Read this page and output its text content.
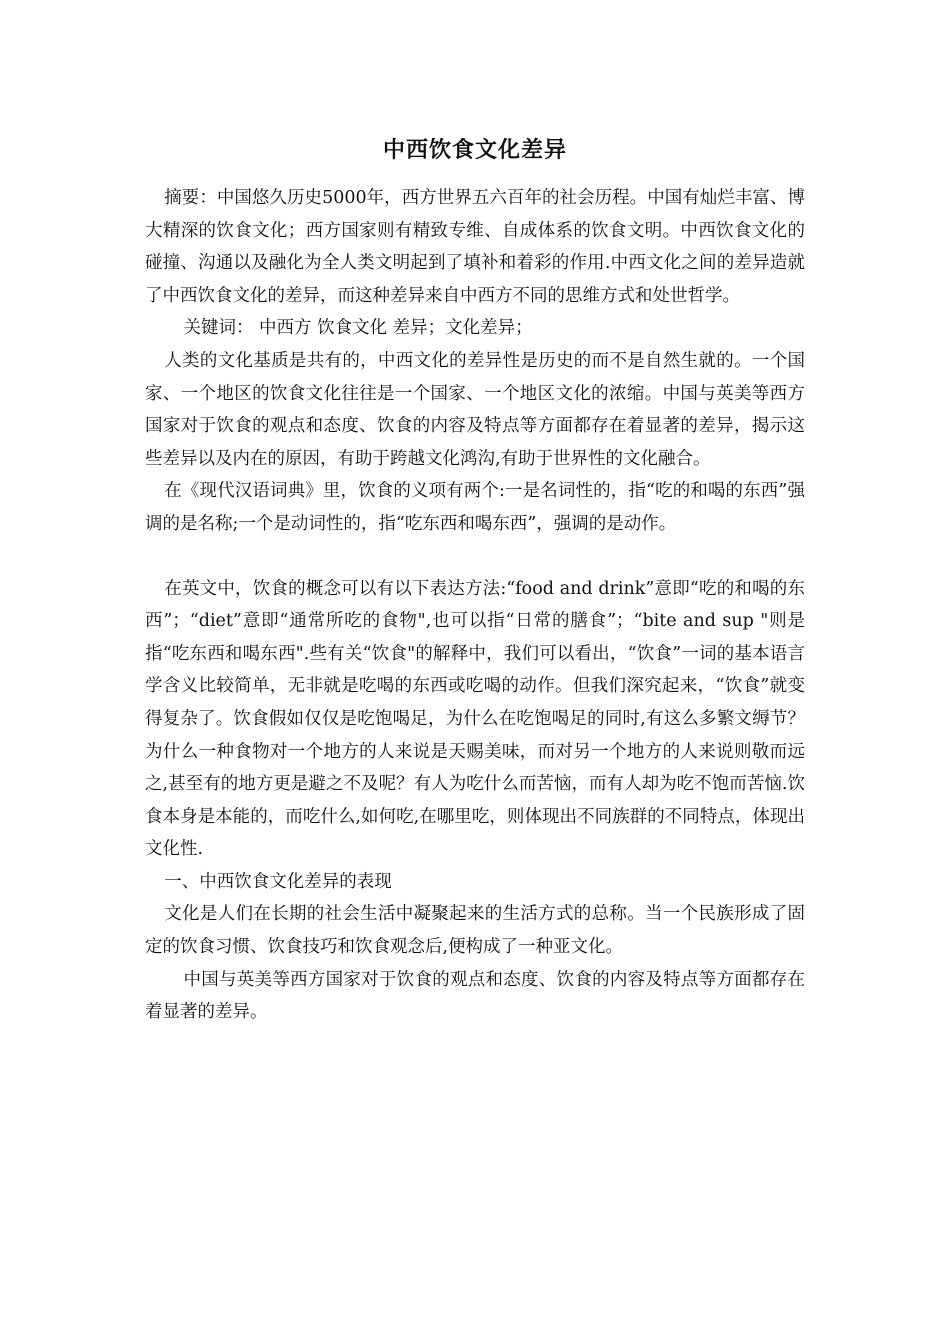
中西饮食文化差异

摘要：中国悠久历史5000年，西方世界五六百年的社会历程。中国有灿烂丰富、博大精深的饮食文化；西方国家则有精致专维、自成体系的饮食文明。中西饮食文化的碰撞、沟通以及融化为全人类文明起到了填补和着彩的作用.中西文化之间的差异造就了中西饮食文化的差异，而这种差异来自中西方不同的思维方式和处世哲学。

关键词： 中西方 饮食文化 差异；文化差异；

人类的文化基质是共有的，中西文化的差异性是历史的而不是自然生就的。一个国家、一个地区的饮食文化往往是一个国家、一个地区文化的浓缩。中国与英美等西方国家对于饮食的观点和态度、饮食的内容及特点等方面都存在着显著的差异，揭示这些差异以及内在的原因，有助于跨越文化鸿沟,有助于世界性的文化融合。

在《现代汉语词典》里，饮食的义项有两个:一是名词性的，指“吃的和喝的东西”强调的是名称;一个是动词性的，指“吃东西和喝东西”，强调的是动作。

在英文中，饮食的概念可以有以下表达方法:“food and drink”意即“吃的和喝的东西”；“diet”意即“通常所吃的食物",也可以指“日常的膳食”；“bite and sup "则是指“吃东西和喝东西".些有关“饮食"的解释中，我们可以看出，“饮食”一词的基本语言学含义比较简单，无非就是吃喝的东西或吃喝的动作。但我们深究起来，“饮食”就变得复杂了。饮食假如仅仅是吃饱喝足，为什么在吃饱喝足的同时,有这么多繁文缛节？为什么一种食物对一个地方的人来说是天赐美味，而对另一个地方的人来说则敬而远之,甚至有的地方更是避之不及呢？有人为吃什么而苦恼，而有人却为吃不饱而苦恼.饮食本身是本能的，而吃什么,如何吃,在哪里吃，则体现出不同族群的不同特点，体现出文化性.

一、中西饮食文化差异的表现

文化是人们在长期的社会生活中凝聚起来的生活方式的总称。当一个民族形成了固定的饮食习惯、饮食技巧和饮食观念后,便构成了一种亚文化。

中国与英美等西方国家对于饮食的观点和态度、饮食的内容及特点等方面都存在着显著的差异。
